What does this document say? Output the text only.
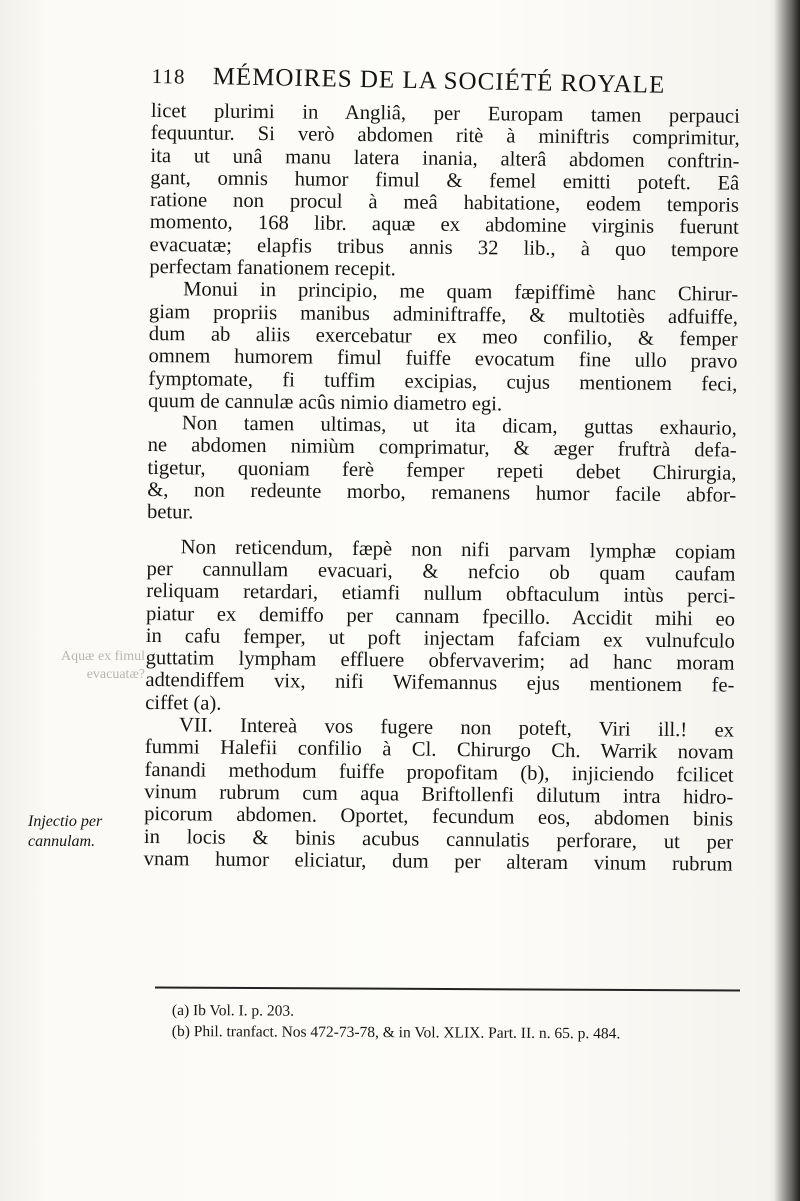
118 MÉMOIRES DE LA SOCIÉTÉ ROYALE
Aquæ ex fimul
evacuatæ?
licet plurimi in Angliâ, per Europam tamen perpauci
fequuntur. Si verò abdomen ritè à miniftris comprimitur,
ita ut unâ manu latera inania, alterâ abdomen conftrin-
gant, omnis humor fimul & femel emitti poteft. Eâ
ratione non procul à meâ habitatione, eodem temporis
momento, 168 libr. aquæ ex abdomine virginis fuerunt
evacuatæ; elapfis tribus annis 32 lib., à quo tempore
perfectam fanationem recepit.
Monui in principio, me quam fæpiffimè hanc Chirur-
giam propriis manibus adminiftraffe, & multotiès adfuiffe,
dum ab aliis exercebatur ex meo confilio, & femper
omnem humorem fimul fuiffe evocatum fine ullo pravo
fymptomate, fi tuffim excipias, cujus mentionem feci,
quum de cannulæ acûs nimio diametro egi.
Non tamen ultimas, ut ita dicam, guttas exhaurio,
ne abdomen nimiùm comprimatur, & æger fruftrà defa-
tigetur, quoniam ferè femper repeti debet Chirurgia,
&, non redeunte morbo, remanens humor facile abfor-
betur.
Non reticendum, fæpè non nifi parvam lymphæ copiam
per cannullam evacuari, & nefcio ob quam caufam
reliquam retardari, etiamfi nullum obftaculum intùs perci-
piatur ex demiffo per cannam fpecillo. Accidit mihi eo
in cafu femper, ut poft injectam fafciam ex vulnufculo
guttatim lympham effluere obfervaverim; ad hanc moram
adtendiffem vix, nifi Wifemannus ejus mentionem fe-
ciffet (a).
VII. Intereà vos fugere non poteft, Viri ill.! ex
fummi Halefii confilio à Cl. Chirurgo Ch. Warrik novam
fanandi methodum fuiffe propofitam (b), injiciendo fcilicet
vinum rubrum cum aqua Briftollenfi dilutum intra hidro-
picorum abdomen. Oportet, fecundum eos, abdomen binis
in locis & binis acubus cannulatis perforare, ut per
vnam humor eliciatur, dum per alteram vinum rubrum
Injectio per
cannulam.
(a) Ib Vol. I. p. 203.
(b) Phil. tranfact. Nos 472-73-78, & in Vol. XLIX. Part. II. n. 65. p. 484.
